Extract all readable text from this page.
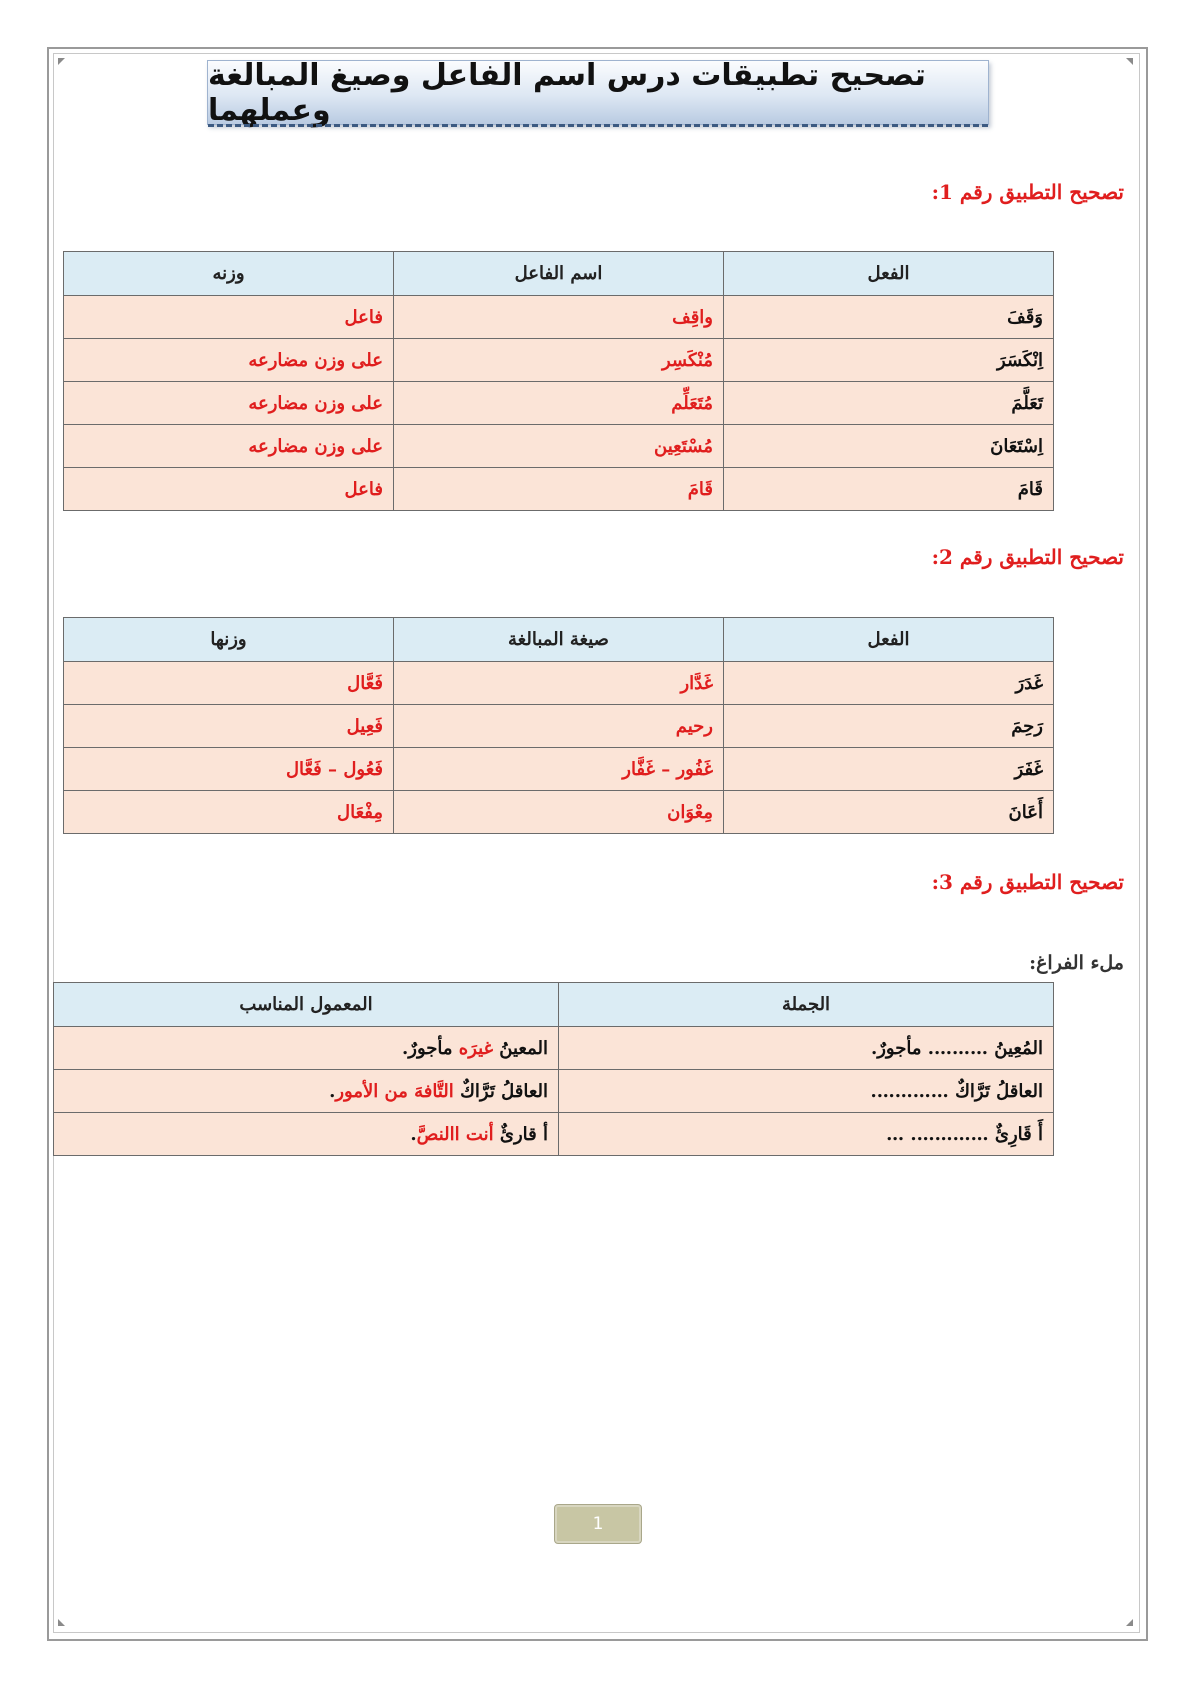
تصحيح تطبيقات درس اسم الفاعل وصيغ المبالغة وعملهما
تصحيح التطبيق رقم 1:
الفعل	اسم الفاعل	وزنه
وَقَفَ	واقِف	فاعل
اِنْكَسَرَ	مُنْكَسِر	على وزن مضارعه
تَعَلَّمَ	مُتَعَلِّم	على وزن مضارعه
اِسْتَعَانَ	مُسْتَعِين	على وزن مضارعه
قَامَ	قَامَ	فاعل
تصحيح التطبيق رقم 2:
الفعل	صيغة المبالغة	وزنها
غَدَرَ	غَدَّار	فَعَّال
رَحِمَ	رحيم	فَعِيل
غَفَرَ	غَفُور – غَفَّار	فَعُول – فَعَّال
أَعَانَ	مِعْوَان	مِفْعَال
تصحيح التطبيق رقم 3:
ملء الفراغ:
الجملة	المعمول المناسب
المُعِينُ ………. مأجورٌ.	المعينُ غيرَه مأجورٌ.
العاقلُ تَرَّاكٌ ………….	العاقلُ تَرَّاكٌ التَّافهَ من الأمور.
أَ قَارِئٌ …………. …	أ قارئٌ أنت االنصَّ.
1
